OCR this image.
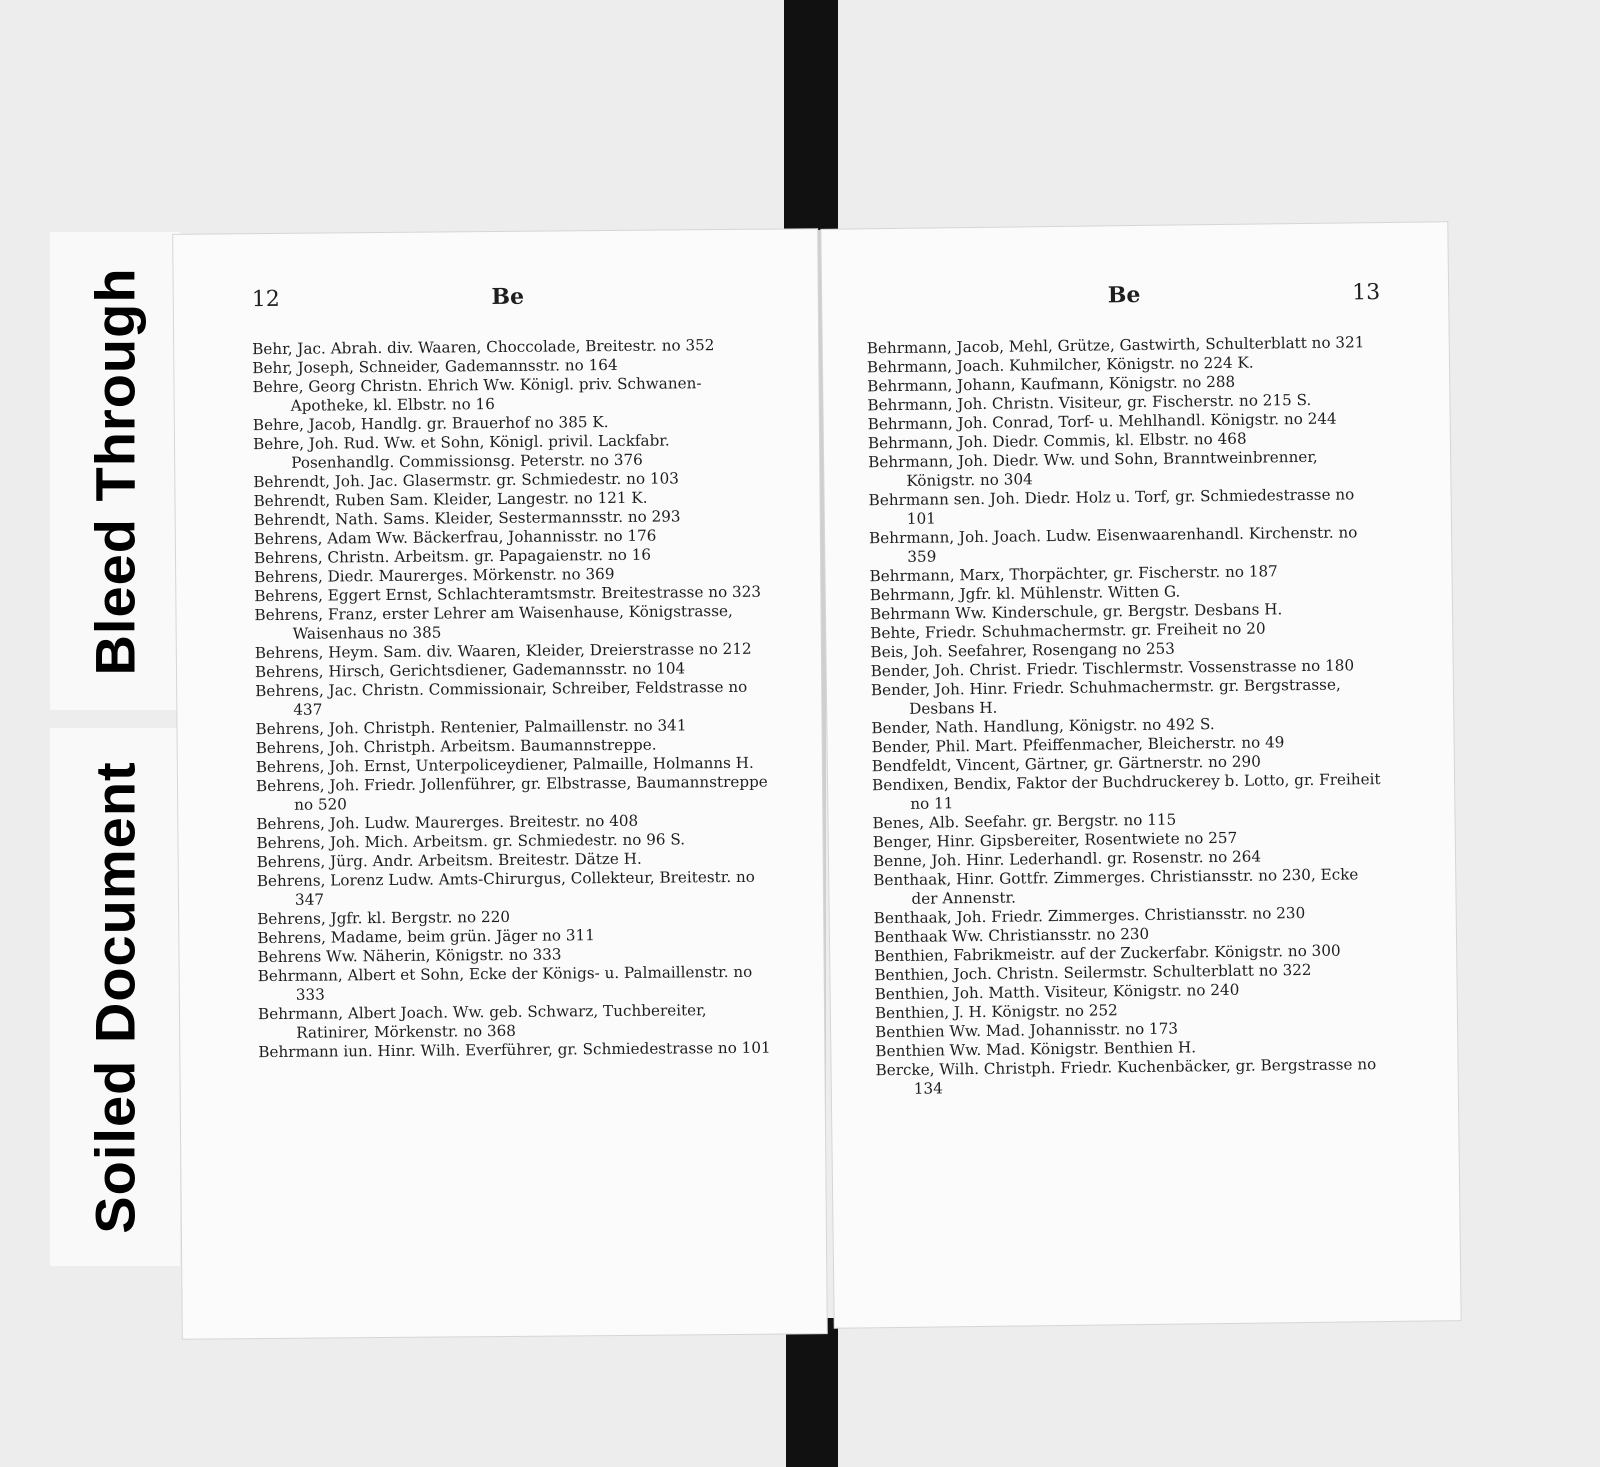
Bleed Through
Soiled Document
12	Be
Behr, Jac. Abrah. div. Waaren, Choccolade, Breitestr. no 352
Behr, Joseph, Schneider, Gademannsstr. no 164
Behre, Georg Christn. Ehrich Ww. Königl. priv. Schwanen-Apotheke, kl. Elbstr. no 16
Behre, Jacob, Handlg. gr. Brauerhof no 385 K.
Behre, Joh. Rud. Ww. et Sohn, Königl. privil. Lackfabr. Posenhandlg. Commissionsg. Peterstr. no 376
Behrendt, Joh. Jac. Glasermstr. gr. Schmiedestr. no 103
Behrendt, Ruben Sam. Kleider, Langestr. no 121 K.
Behrendt, Nath. Sams. Kleider, Sestermannsstr. no 293
Behrens, Adam Ww. Bäckerfrau, Johannisstr. no 176
Behrens, Christn. Arbeitsm. gr. Papagaienstr. no 16
Behrens, Diedr. Maurerges. Mörkenstr. no 369
Behrens, Eggert Ernst, Schlachteramtsmstr. Breitestrasse no 323
Behrens, Franz, erster Lehrer am Waisenhause, Königstrasse, Waisenhaus no 385
Behrens, Heym. Sam. div. Waaren, Kleider, Dreierstrasse no 212
Behrens, Hirsch, Gerichtsdiener, Gademannsstr. no 104
Behrens, Jac. Christn. Commissionair, Schreiber, Feldstrasse no 437
Behrens, Joh. Christph. Rentenier, Palmaillenstr. no 341
Behrens, Joh. Christph. Arbeitsm. Baumannstreppe.
Behrens, Joh. Ernst, Unterpoliceydiener, Palmaille, Holmanns H.
Behrens, Joh. Friedr. Jollenführer, gr. Elbstrasse, Baumannstreppe no 520
Behrens, Joh. Ludw. Maurerges. Breitestr. no 408
Behrens, Joh. Mich. Arbeitsm. gr. Schmiedestr. no 96 S.
Behrens, Jürg. Andr. Arbeitsm. Breitestr. Dätze H.
Behrens, Lorenz Ludw. Amts-Chirurgus, Collekteur, Breitestr. no 347
Behrens, Jgfr. kl. Bergstr. no 220
Behrens, Madame, beim grün. Jäger no 311
Behrens Ww. Näherin, Königstr. no 333
Behrmann, Albert et Sohn, Ecke der Königs- u. Palmaillenstr. no 333
Behrmann, Albert Joach. Ww. geb. Schwarz, Tuchbereiter, Ratinirer, Mörkenstr. no 368
Behrmann iun. Hinr. Wilh. Everführer, gr. Schmiedestrasse no 101
Be	13
Behrmann, Jacob, Mehl, Grütze, Gastwirth, Schulterblatt no 321
Behrmann, Joach. Kuhmilcher, Königstr. no 224 K.
Behrmann, Johann, Kaufmann, Königstr. no 288
Behrmann, Joh. Christn. Visiteur, gr. Fischerstr. no 215 S.
Behrmann, Joh. Conrad, Torf- u. Mehlhandl. Königstr. no 244
Behrmann, Joh. Diedr. Commis, kl. Elbstr. no 468
Behrmann, Joh. Diedr. Ww. und Sohn, Branntweinbrenner, Königstr. no 304
Behrmann sen. Joh. Diedr. Holz u. Torf, gr. Schmiedestrasse no 101
Behrmann, Joh. Joach. Ludw. Eisenwaarenhandl. Kirchenstr. no 359
Behrmann, Marx, Thorpächter, gr. Fischerstr. no 187
Behrmann, Jgfr. kl. Mühlenstr. Witten G.
Behrmann Ww. Kinderschule, gr. Bergstr. Desbans H.
Behte, Friedr. Schuhmachermstr. gr. Freiheit no 20
Beis, Joh. Seefahrer, Rosengang no 253
Bender, Joh. Christ. Friedr. Tischlermstr. Vossenstrasse no 180
Bender, Joh. Hinr. Friedr. Schuhmachermstr. gr. Bergstrasse, Desbans H.
Bender, Nath. Handlung, Königstr. no 492 S.
Bender, Phil. Mart. Pfeiffenmacher, Bleicherstr. no 49
Bendfeldt, Vincent, Gärtner, gr. Gärtnerstr. no 290
Bendixen, Bendix, Faktor der Buchdruckerey b. Lotto, gr. Freiheit no 11
Benes, Alb. Seefahr. gr. Bergstr. no 115
Benger, Hinr. Gipsbereiter, Rosentwiete no 257
Benne, Joh. Hinr. Lederhandl. gr. Rosenstr. no 264
Benthaak, Hinr. Gottfr. Zimmerges. Christiansstr. no 230, Ecke der Annenstr.
Benthaak, Joh. Friedr. Zimmerges. Christiansstr. no 230
Benthaak Ww. Christiansstr. no 230
Benthien, Fabrikmeistr. auf der Zuckerfabr. Königstr. no 300
Benthien, Joch. Christn. Seilermstr. Schulterblatt no 322
Benthien, Joh. Matth. Visiteur, Königstr. no 240
Benthien, J. H. Königstr. no 252
Benthien Ww. Mad. Johannisstr. no 173
Benthien Ww. Mad. Königstr. Benthien H.
Bercke, Wilh. Christph. Friedr. Kuchenbäcker, gr. Bergstrasse no 134
